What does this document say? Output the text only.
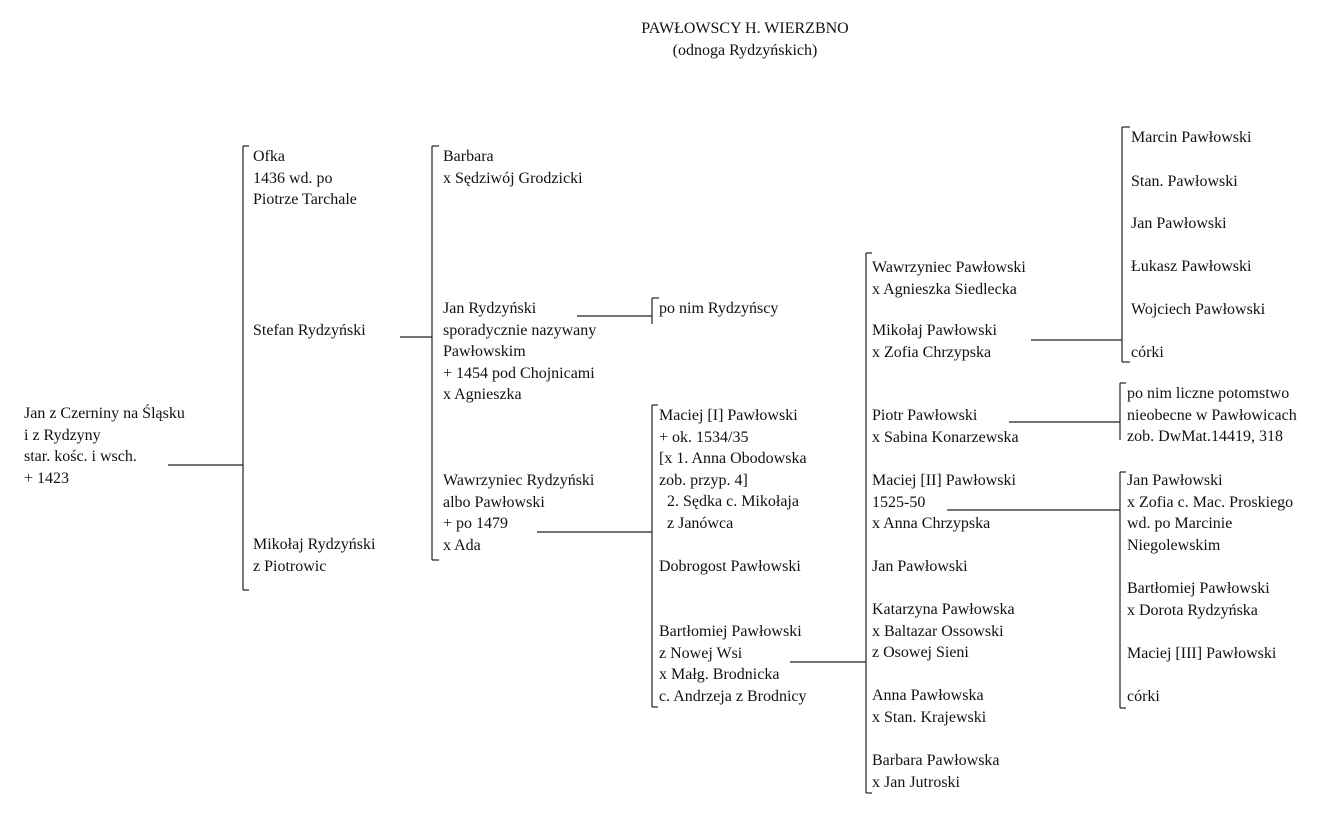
PAWŁOWSCY H. WIERZBNO
(odnoga Rydzyńskich)
Jan z Czerniny na Śląsku
i z Rydzyny
star. kośc. i wsch.
+ 1423
Ofka
1436 wd. po
Piotrze Tarchale
Stefan Rydzyński
Mikołaj Rydzyński
z Piotrowic
Barbara
x Sędziwój Grodzicki
Jan Rydzyński
sporadycznie nazywany
Pawłowskim
+ 1454 pod Chojnicami
x Agnieszka
Wawrzyniec Rydzyński
albo Pawłowski
+ po 1479
x Ada
po nim Rydzyńscy
Maciej [I] Pawłowski
+ ok. 1534/35
[x 1. Anna Obodowska
zob. przyp. 4]
2. Sędka c. Mikołaja
z Janówca
Dobrogost Pawłowski
Bartłomiej Pawłowski
z Nowej Wsi
x Małg. Brodnicka
c. Andrzeja z Brodnicy
Wawrzyniec Pawłowski
x Agnieszka Siedlecka
Mikołaj Pawłowski
x Zofia Chrzypska
Piotr Pawłowski
x Sabina Konarzewska
Maciej [II] Pawłowski
1525-50
x Anna Chrzypska
Jan Pawłowski
Katarzyna Pawłowska
x Baltazar Ossowski
z Osowej Sieni
Anna Pawłowska
x Stan. Krajewski
Barbara Pawłowska
x Jan Jutroski
Marcin Pawłowski
Stan. Pawłowski
Jan Pawłowski
Łukasz Pawłowski
Wojciech Pawłowski
córki
po nim liczne potomstwo
nieobecne w Pawłowicach
zob. DwMat.14419, 318
Jan Pawłowski
x Zofia c. Mac. Proskiego
wd. po Marcinie
Niegolewskim
Bartłomiej Pawłowski
x Dorota Rydzyńska
Maciej [III] Pawłowski
córki
